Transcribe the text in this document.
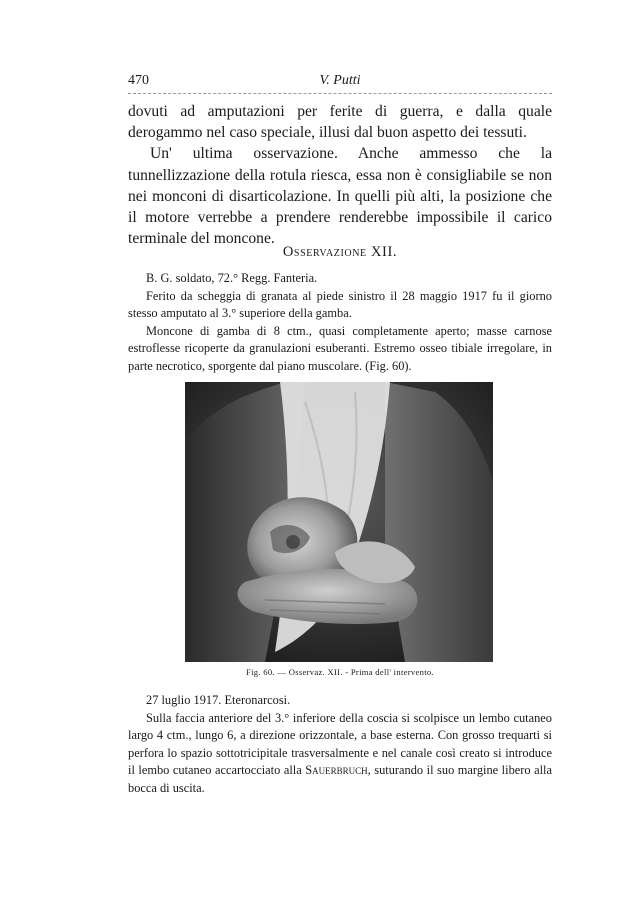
470	V. Putti

dovuti ad amputazioni per ferite di guerra, e dalla quale derogammo nel caso speciale, illusi dal buon aspetto dei tessuti.

Un' ultima osservazione. Anche ammesso che la tunnellizzazione della rotula riesca, essa non è consigliabile se non nei monconi di disarticolazione. In quelli più alti, la posizione che il motore verrebbe a prendere renderebbe impossibile il carico terminale del moncone.

Osservazione XII.

B. G. soldato, 72.° Regg. Fanteria.

Ferito da scheggia di granata al piede sinistro il 28 maggio 1917 fu il giorno stesso amputato al 3.° superiore della gamba.

Moncone di gamba di 8 ctm., quasi completamente aperto; masse carnose estroflesse ricoperte da granulazioni esuberanti. Estremo osseo tibiale irregolare, in parte necrotico, sporgente dal piano muscolare. (Fig. 60).

Fig. 60. — Osservaz. XII. - Prima dell' intervento.

27 luglio 1917. Eteronarcosi.

Sulla faccia anteriore del 3.° inferiore della coscia si scolpisce un lembo cutaneo largo 4 ctm., lungo 6, a direzione orizzontale, a base esterna. Con grosso trequarti si perfora lo spazio sottotricipitale trasversalmente e nel canale così creato si introduce il lembo cutaneo accartocciato alla Sauerbruch, suturando il suo margine libero alla bocca di uscita.
